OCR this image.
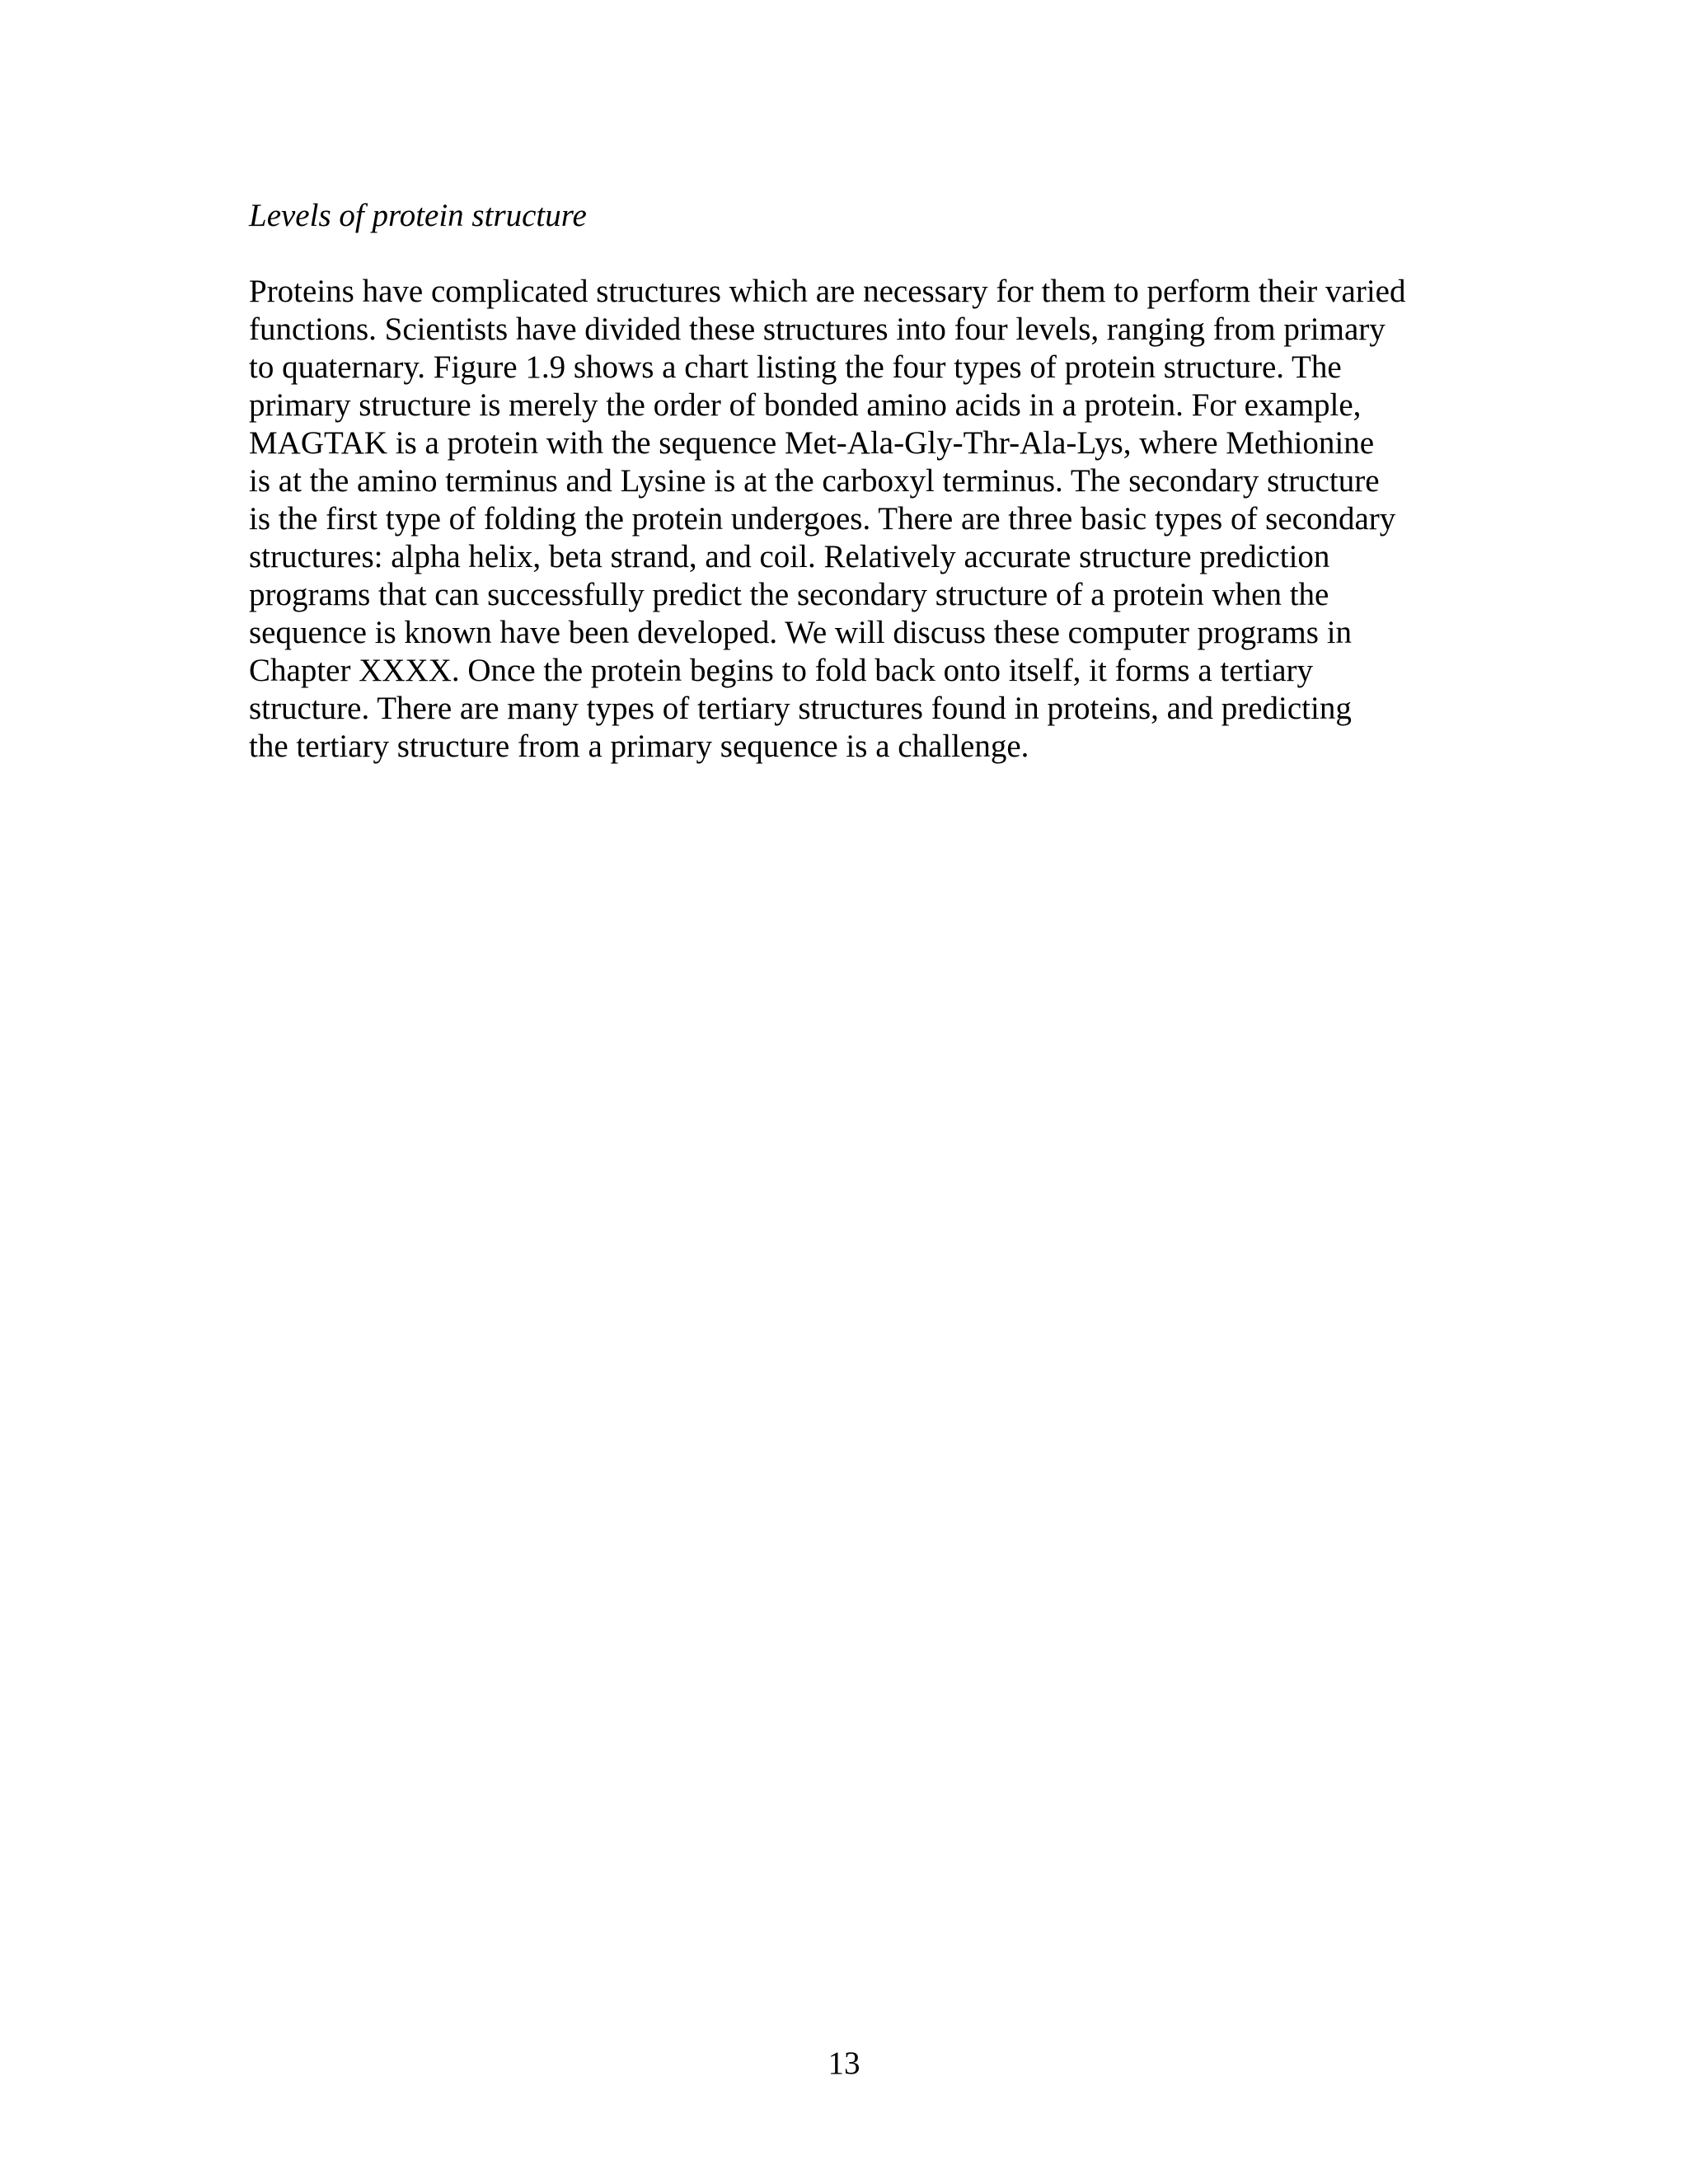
Levels of protein structure
Proteins have complicated structures which are necessary for them to perform their varied
functions. Scientists have divided these structures into four levels, ranging from primary
to quaternary. Figure 1.9 shows a chart listing the four types of protein structure. The
primary structure is merely the order of bonded amino acids in a protein. For example,
MAGTAK is a protein with the sequence Met-Ala-Gly-Thr-Ala-Lys, where Methionine
is at the amino terminus and Lysine is at the carboxyl terminus. The secondary structure
is the first type of folding the protein undergoes. There are three basic types of secondary
structures: alpha helix, beta strand, and coil. Relatively accurate structure prediction
programs that can successfully predict the secondary structure of a protein when the
sequence is known have been developed. We will discuss these computer programs in
Chapter XXXX. Once the protein begins to fold back onto itself, it forms a tertiary
structure. There are many types of tertiary structures found in proteins, and predicting
the tertiary structure from a primary sequence is a challenge.
13
